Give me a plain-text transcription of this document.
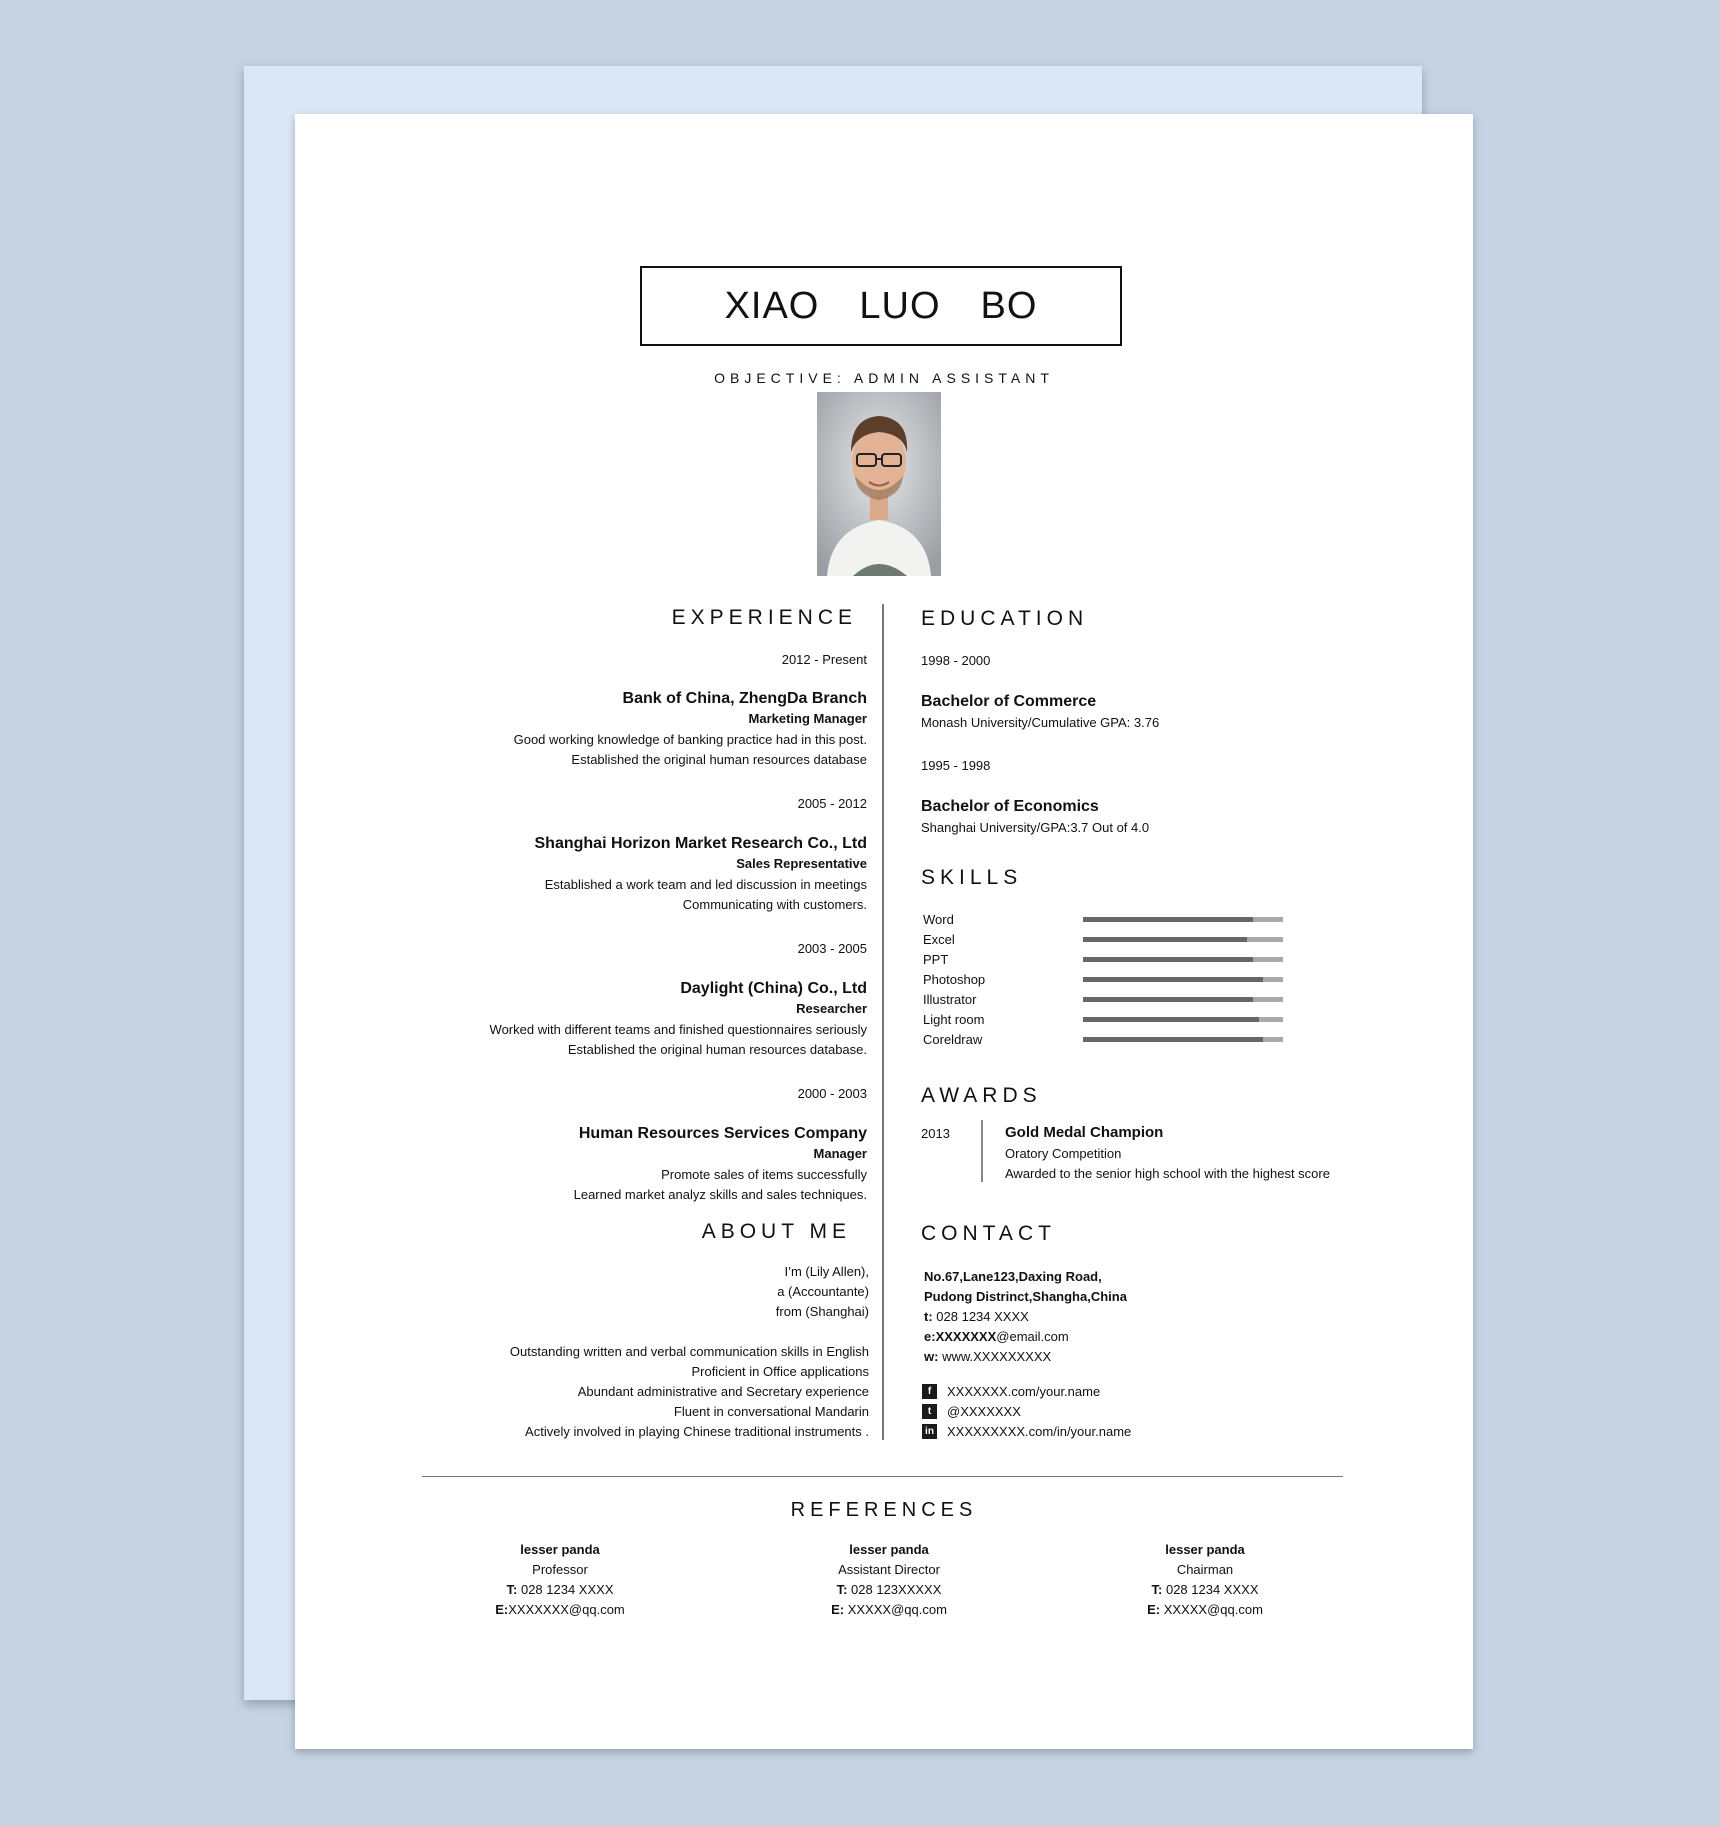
XIAO LUO BO
OBJECTIVE: ADMIN ASSISTANT
EXPERIENCE
2012 - Present
Bank of China, ZhengDa Branch
Marketing Manager
Good working knowledge of banking practice had in this post.
Established the original human resources database
2005 - 2012
Shanghai Horizon Market Research Co., Ltd
Sales Representative
Established a work team and led discussion in meetings
Communicating with customers.
2003 - 2005
Daylight (China) Co., Ltd
Researcher
Worked with different teams and finished questionnaires seriously
Established the original human resources database.
2000 - 2003
Human Resources Services Company
Manager
Promote sales of items successfully
Learned market analyz skills and sales techniques.
ABOUT ME
I’m (Lily Allen),
a (Accountante)
from (Shanghai)
Outstanding written and verbal communication skills in English
Proficient in Office applications
Abundant administrative and Secretary experience
Fluent in conversational Mandarin
Actively involved in playing Chinese traditional instruments .
EDUCATION
1998 - 2000
Bachelor of Commerce
Monash University/Cumulative GPA: 3.76
1995 - 1998
Bachelor of Economics
Shanghai University/GPA:3.7 Out of 4.0
SKILLS
AWARDS
2013	Gold Medal Champion
Oratory Competition
Awarded to the senior high school with the highest score
CONTACT
No.67,Lane123,Daxing Road,
Pudong Distrinct,Shangha,China
t: 028 1234 XXXX
e:XXXXXXX@email.com
w: www.XXXXXXXXX
f	XXXXXXX.com/your.name
t	@XXXXXXX
in XXXXXXXXX.com/in/your.name
REFERENCES
lesser panda
Professor
T: 028 1234 XXXX
E:XXXXXXX@qq.com
lesser panda
Assistant Director
T: 028 123XXXXX
E: XXXXX@qq.com
lesser panda
Chairman
T: 028 1234 XXXX
E: XXXXX@qq.com
Word
Excel
PPT
Photoshop
Illustrator
Light room
Coreldraw
